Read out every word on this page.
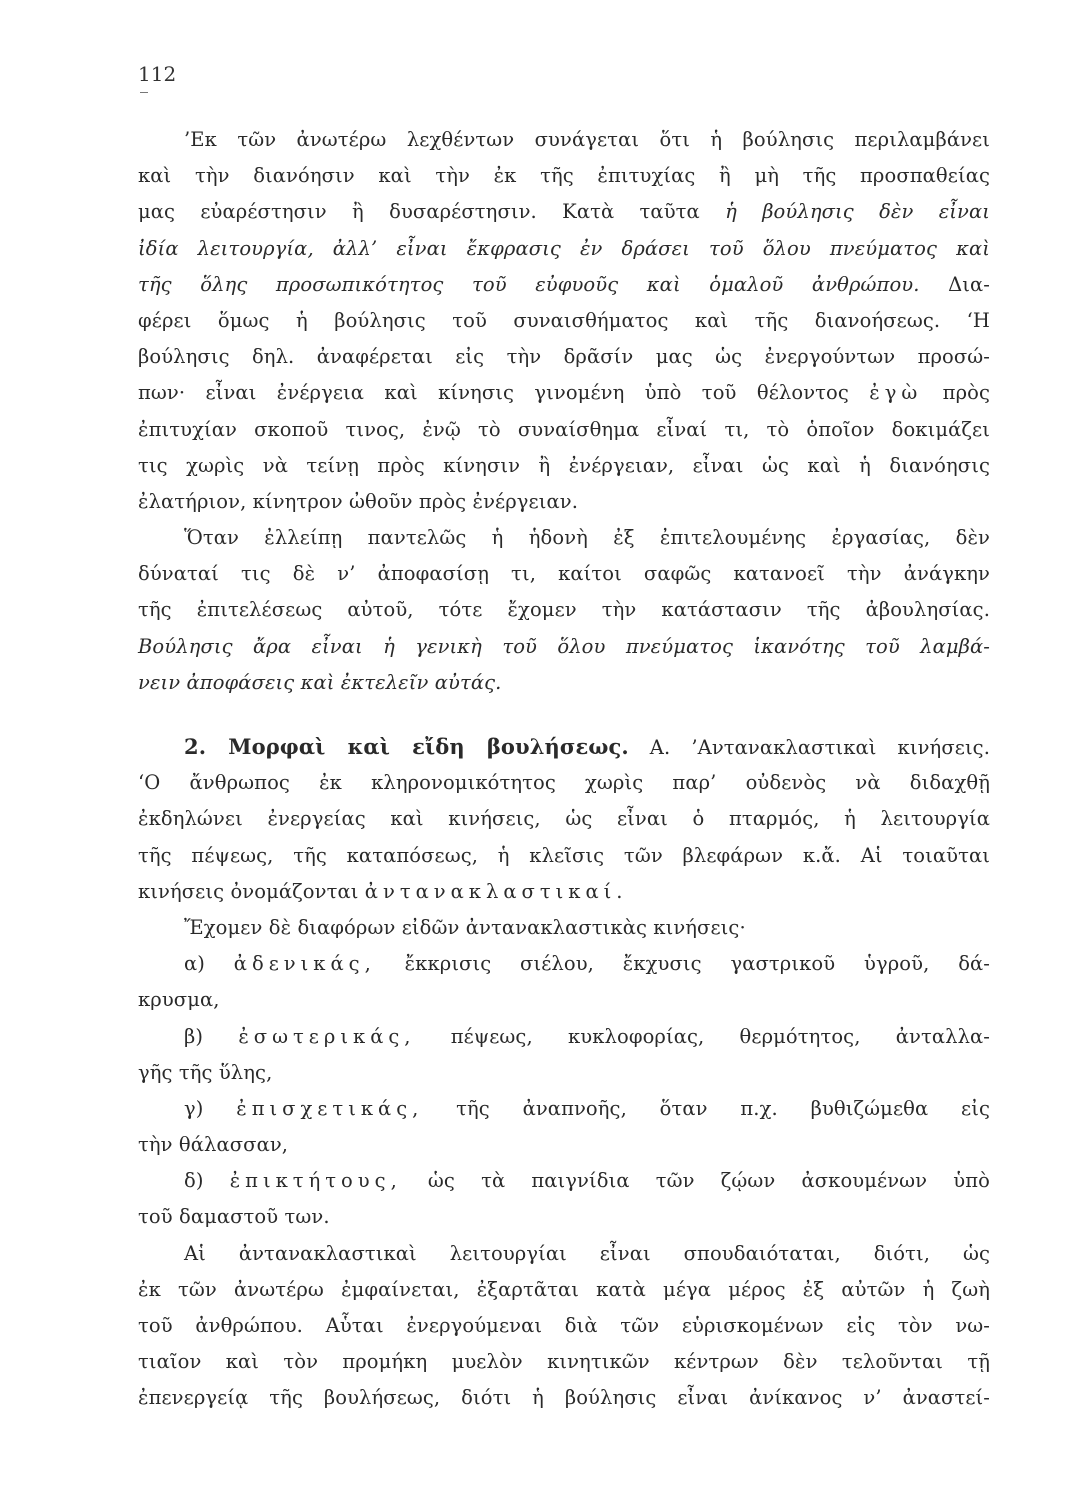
112
’Εκ τῶν ἀνωτέρω λεχθέντων συνάγεται ὅτι ἡ βούλησις περιλαμβάνει
καὶ τὴν διανόησιν καὶ τὴν ἐκ τῆς ἐπιτυχίας ἢ μὴ τῆς προσπαθείας
μας εὐαρέστησιν ἢ δυσαρέστησιν. Κατὰ ταῦτα ἡ βούλησις δὲν εἶναι
ἰδία λειτουργία, ἀλλ’ εἶναι ἔκφρασις ἐν δράσει τοῦ ὅλου πνεύματος καὶ
τῆς ὅλης προσωπικότητος τοῦ εὐφυοῦς καὶ ὁμαλοῦ ἀνθρώπου. Δια-
φέρει ὅμως ἡ βούλησις τοῦ συναισθήματος καὶ τῆς διανοήσεως. ‘Η
βούλησις δηλ. ἀναφέρεται εἰς τὴν δρᾶσίν μας ὡς ἐνεργούντων προσώ-
πων· εἶναι ἐνέργεια καὶ κίνησις γινομένη ὑπὸ τοῦ θέλοντος ἐγὼ πρὸς
ἐπιτυχίαν σκοποῦ τινος, ἐνῷ τὸ συναίσθημα εἶναί τι, τὸ ὁποῖον δοκιμάζει
τις χωρὶς νὰ τείνῃ πρὸς κίνησιν ἢ ἐνέργειαν, εἶναι ὡς καὶ ἡ διανόησις
ἐλατήριον, κίνητρον ὠθοῦν πρὸς ἐνέργειαν.
Ὅταν ἐλλείπῃ παντελῶς ἡ ἡδονὴ ἐξ ἐπιτελουμένης ἐργασίας, δὲν
δύναταί τις δὲ ν’ ἀποφασίσῃ τι, καίτοι σαφῶς κατανοεῖ τὴν ἀνάγκην
τῆς ἐπιτελέσεως αὐτοῦ, τότε ἔχομεν τὴν κατάστασιν τῆς ἀβουλησίας.
Βούλησις ἄρα εἶναι ἡ γενικὴ τοῦ ὅλου πνεύματος ἱκανότης τοῦ λαμβά-
νειν ἀποφάσεις καὶ ἐκτελεῖν αὐτάς.
2. Μορφαὶ καὶ εἴδη βουλήσεως. Α. ’Αντανακλαστικαὶ κινήσεις.
‘Ο ἄνθρωπος ἐκ κληρονομικότητος χωρὶς παρ’ οὐδενὸς νὰ διδαχθῇ
ἐκδηλώνει ἐνεργείας καὶ κινήσεις, ὡς εἶναι ὁ πταρμός, ἡ λειτουργία
τῆς πέψεως, τῆς καταπόσεως, ἡ κλεῖσις τῶν βλεφάρων κ.ἄ. Αἱ τοιαῦται
κινήσεις ὀνομάζονται ἀντανακλαστικαί.
Ἔχομεν δὲ διαφόρων εἰδῶν ἀντανακλαστικὰς κινήσεις·
α) ἀδενικάς, ἔκκρισις σιέλου, ἔκχυσις γαστρικοῦ ὑγροῦ, δά-
κρυσμα,
β) ἐσωτερικάς, πέψεως, κυκλοφορίας, θερμότητος, ἀνταλλα-
γῆς τῆς ὕλης,
γ) ἐπισχετικάς, τῆς ἀναπνοῆς, ὅταν π.χ. βυθιζώμεθα εἰς
τὴν θάλασσαν,
δ) ἐπικτήτους, ὡς τὰ παιγνίδια τῶν ζῴων ἀσκουμένων ὑπὸ
τοῦ δαμαστοῦ των.
Αἱ ἀντανακλαστικαὶ λειτουργίαι εἶναι σπουδαιόταται, διότι, ὡς
ἐκ τῶν ἀνωτέρω ἐμφαίνεται, ἐξαρτᾶται κατὰ μέγα μέρος ἐξ αὐτῶν ἡ ζωὴ
τοῦ ἀνθρώπου. Αὗται ἐνεργούμεναι διὰ τῶν εὑρισκομένων εἰς τὸν νω-
τιαῖον καὶ τὸν προμήκη μυελὸν κινητικῶν κέντρων δὲν τελοῦνται τῇ
ἐπενεργείᾳ τῆς βουλήσεως, διότι ἡ βούλησις εἶναι ἀνίκανος ν’ ἀναστεί-
